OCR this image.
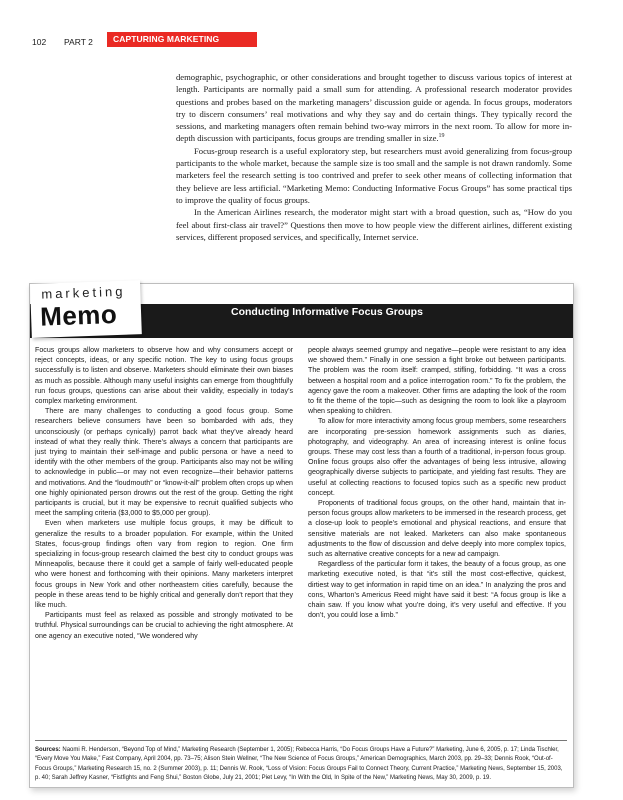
102 PART 2	CAPTURING MARKETING INSIGHTS

demographic, psychographic, or other considerations and brought together to discuss various topics of interest at length. Participants are normally paid a small sum for attending. A professional research moderator provides questions and probes based on the marketing managers’ discussion guide or agenda. In focus groups, moderators try to discern consumers’ real motivations and why they say and do certain things. They typically record the sessions, and marketing managers often remain behind two-way mirrors in the next room. To allow for more in-depth discussion with participants, focus groups are trending smaller in size.$^{19}$

Focus-group research is a useful exploratory step, but researchers must avoid generalizing from focus-group participants to the whole market, because the sample size is too small and the sample is not drawn randomly. Some marketers feel the research setting is too contrived and prefer to seek other means of collecting information that they believe are less artificial. “Marketing Memo: Conducting Informative Focus Groups” has some practical tips to improve the quality of focus groups.

In the American Airlines research, the moderator might start with a broad question, such as, “How do you feel about first-class air travel?” Questions then move to how people view the different airlines, different existing services, different proposed services, and specifically, Internet service.

marketing
Memo	Conducting Informative Focus Groups

Focus groups allow marketers to observe how and why consumers accept or reject concepts, ideas, or any specific notion. The key to using focus groups successfully is to listen and observe. Marketers should eliminate their own biases as much as possible. Although many useful insights can emerge from thoughtfully run focus groups, questions can arise about their validity, especially in today’s complex marketing environment.

There are many challenges to conducting a good focus group. Some researchers believe consumers have been so bombarded with ads, they unconsciously (or perhaps cynically) parrot back what they’ve already heard instead of what they really think. There’s always a concern that participants are just trying to maintain their self-image and public persona or have a need to identify with the other members of the group. Participants also may not be willing to acknowledge in public—or may not even recognize—their behavior patterns and motivations. And the “loudmouth” or “know-it-all” problem often crops up when one highly opinionated person drowns out the rest of the group. Getting the right participants is crucial, but it may be expensive to recruit qualified subjects who meet the sampling criteria ($3,000 to $5,000 per group).

Even when marketers use multiple focus groups, it may be difficult to generalize the results to a broader population. For example, within the United States, focus-group findings often vary from region to region. One firm specializing in focus-group research claimed the best city to conduct groups was Minneapolis, because there it could get a sample of fairly well-educated people who were honest and forthcoming with their opinions. Many marketers interpret focus groups in New York and other northeastern cities carefully, because the people in these areas tend to be highly critical and generally don’t report that they like much.

Participants must feel as relaxed as possible and strongly motivated to be truthful. Physical surroundings can be crucial to achieving the right atmosphere. At one agency an executive noted, “We wondered why

people always seemed grumpy and negative—people were resistant to any idea we showed them.” Finally in one session a fight broke out between participants. The problem was the room itself: cramped, stifling, forbidding. “It was a cross between a hospital room and a police interrogation room.” To fix the problem, the agency gave the room a makeover. Other firms are adapting the look of the room to fit the theme of the topic—such as designing the room to look like a playroom when speaking to children.

To allow for more interactivity among focus group members, some researchers are incorporating pre-session homework assignments such as diaries, photography, and videography. An area of increasing interest is online focus groups. These may cost less than a fourth of a traditional, in-person focus group. Online focus groups also offer the advantages of being less intrusive, allowing geographically diverse subjects to participate, and yielding fast results. They are useful at collecting reactions to focused topics such as a specific new product concept.

Proponents of traditional focus groups, on the other hand, maintain that in-person focus groups allow marketers to be immersed in the research process, get a close-up look to people’s emotional and physical reactions, and ensure that sensitive materials are not leaked. Marketers can also make spontaneous adjustments to the flow of discussion and delve deeply into more complex topics, such as alternative creative concepts for a new ad campaign.

Regardless of the particular form it takes, the beauty of a focus group, as one marketing executive noted, is that “it’s still the most cost-effective, quickest, dirtiest way to get information in rapid time on an idea.” In analyzing the pros and cons, Wharton’s Americus Reed might have said it best: “A focus group is like a chain saw. If you know what you’re doing, it’s very useful and effective. If you don’t, you could lose a limb.”

Sources: Naomi R. Henderson, “Beyond Top of Mind,” Marketing Research (September 1, 2005); Rebecca Harris, “Do Focus Groups Have a Future?” Marketing, June 6, 2005, p. 17; Linda Tischler, “Every Move You Make,” Fast Company, April 2004, pp. 73–75; Alison Stein Wellner, “The New Science of Focus Groups,” American Demographics, March 2003, pp. 29–33; Dennis Rook, “Out-of-Focus Groups,” Marketing Research 15, no. 2 (Summer 2003), p. 11; Dennis W. Rook, “Loss of Vision: Focus Groups Fail to Connect Theory, Current Practice,” Marketing News, September 15, 2003, p. 40; Sarah Jeffrey Kasner, “Fistfights and Feng Shui,” Boston Globe, July 21, 2001; Piet Levy, “In With the Old, In Spite of the New,” Marketing News, May 30, 2009, p. 19.
